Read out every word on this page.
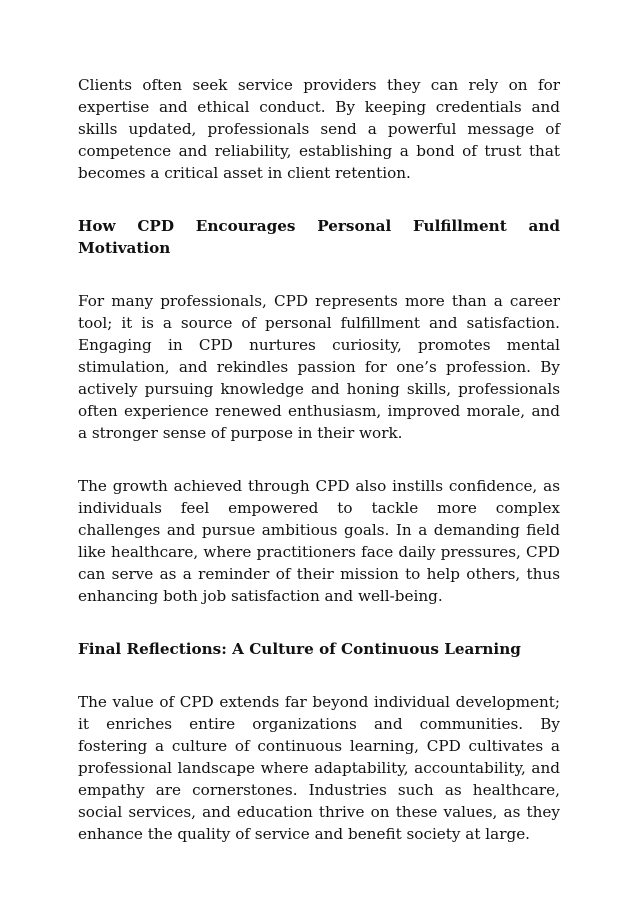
Clients often seek service providers they can rely on for expertise and ethical conduct. By keeping credentials and skills updated, professionals send a powerful message of competence and reliability, establishing a bond of trust that becomes a critical asset in client retention.

How CPD Encourages Personal Fulfillment and Motivation

For many professionals, CPD represents more than a career tool; it is a source of personal fulfillment and satisfaction. Engaging in CPD nurtures curiosity, promotes mental stimulation, and rekindles passion for one’s profession. By actively pursuing knowledge and honing skills, professionals often experience renewed enthusiasm, improved morale, and a stronger sense of purpose in their work.

The growth achieved through CPD also instills confidence, as individuals feel empowered to tackle more complex challenges and pursue ambitious goals. In a demanding field like healthcare, where practitioners face daily pressures, CPD can serve as a reminder of their mission to help others, thus enhancing both job satisfaction and well-being.

Final Reflections: A Culture of Continuous Learning

The value of CPD extends far beyond individual development; it enriches entire organizations and communities. By fostering a culture of continuous learning, CPD cultivates a professional landscape where adaptability, accountability, and empathy are cornerstones. Industries such as healthcare, social services, and education thrive on these values, as they enhance the quality of service and benefit society at large.
